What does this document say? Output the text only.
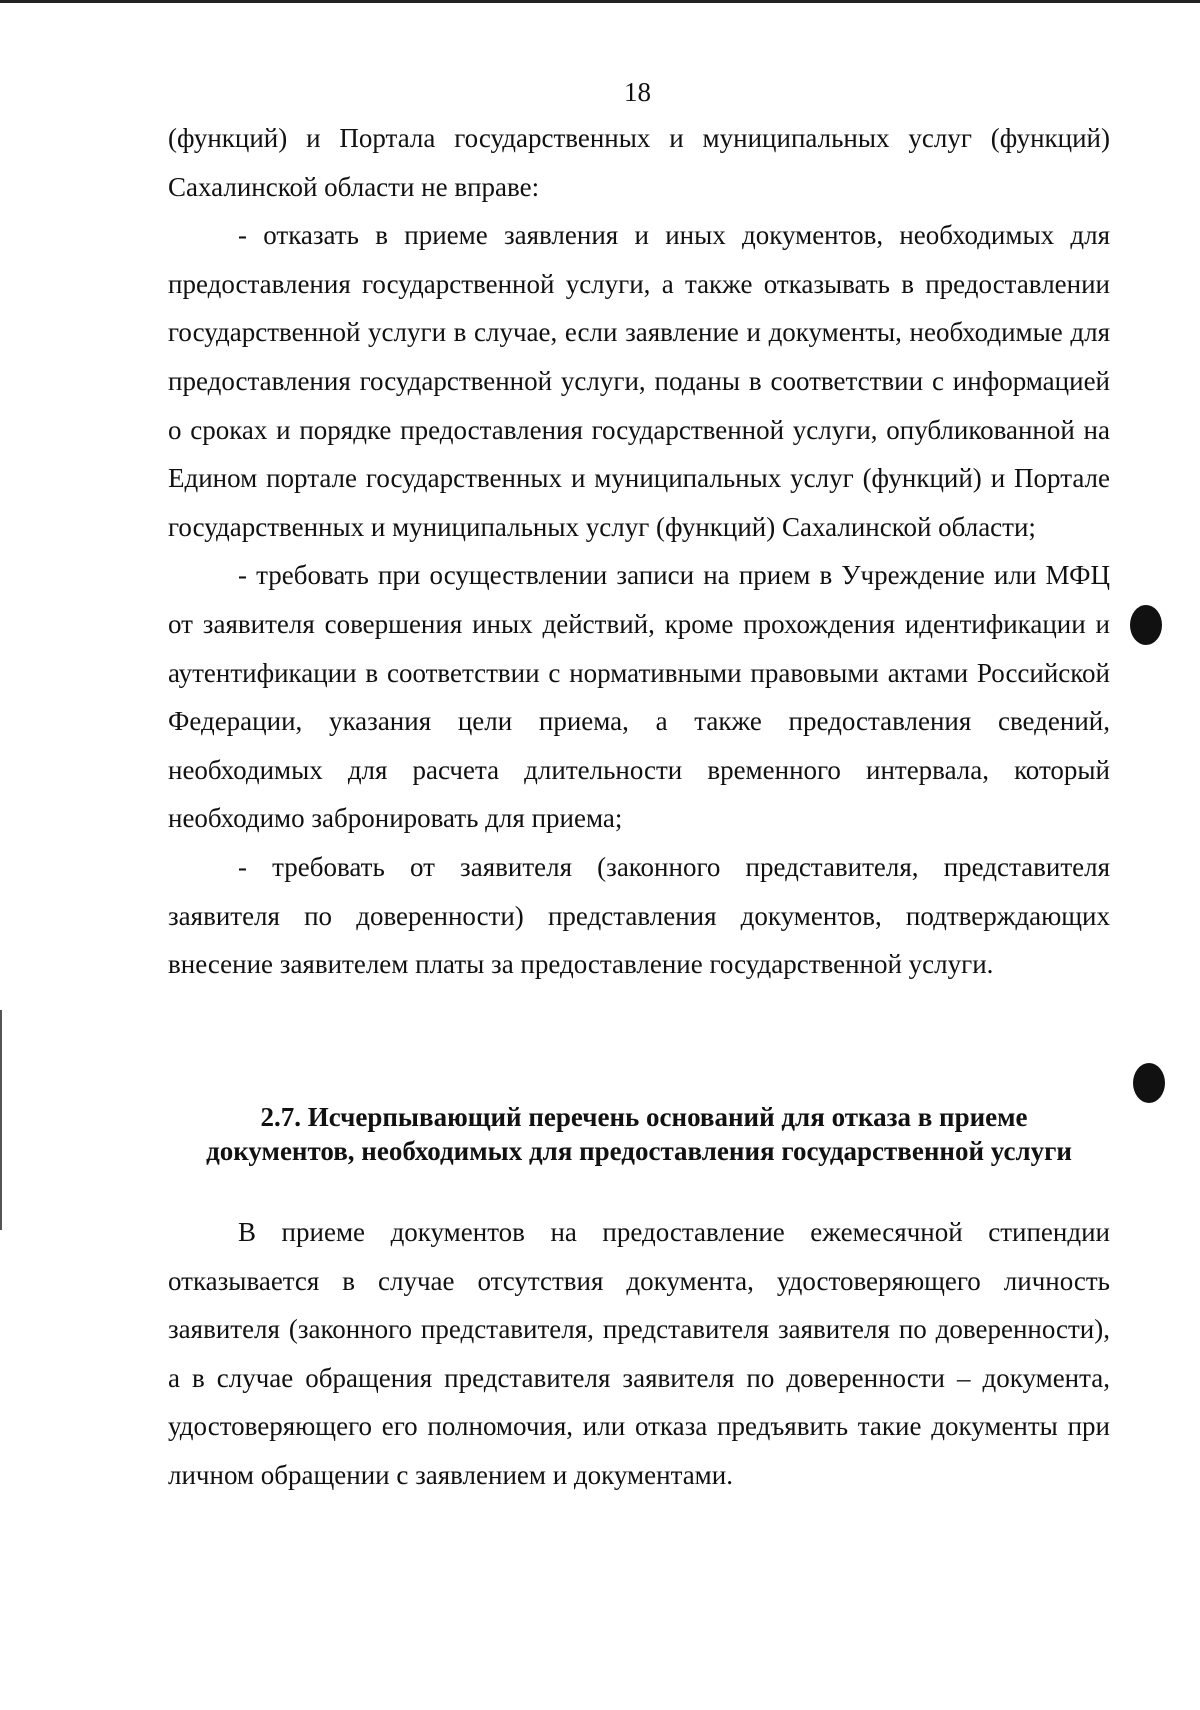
18

(функций) и Портала государственных и муниципальных услуг (функций) Сахалинской области не вправе:

- отказать в приеме заявления и иных документов, необходимых для предоставления государственной услуги, а также отказывать в предоставлении государственной услуги в случае, если заявление и документы, необходимые для предоставления государственной услуги, поданы в соответствии с информацией о сроках и порядке предоставления государственной услуги, опубликованной на Едином портале государственных и муниципальных услуг (функций) и Портале государственных и муниципальных услуг (функций) Сахалинской области;

- требовать при осуществлении записи на прием в Учреждение или МФЦ от заявителя совершения иных действий, кроме прохождения идентификации и аутентификации в соответствии с нормативными правовыми актами Российской Федерации, указания цели приема, а также предоставления сведений, необходимых для расчета длительности временного интервала, который необходимо забронировать для приема;

- требовать от заявителя (законного представителя, представителя заявителя по доверенности) представления документов, подтверждающих внесение заявителем платы за предоставление государственной услуги.

2.7. Исчерпывающий перечень оснований для отказа в приеме
документов, необходимых для предоставления государственной услуги

В приеме документов на предоставление ежемесячной стипендии отказывается в случае отсутствия документа, удостоверяющего личность заявителя (законного представителя, представителя заявителя по доверенности), а в случае обращения представителя заявителя по доверенности – документа, удостоверяющего его полномочия, или отказа предъявить такие документы при личном обращении с заявлением и документами.
